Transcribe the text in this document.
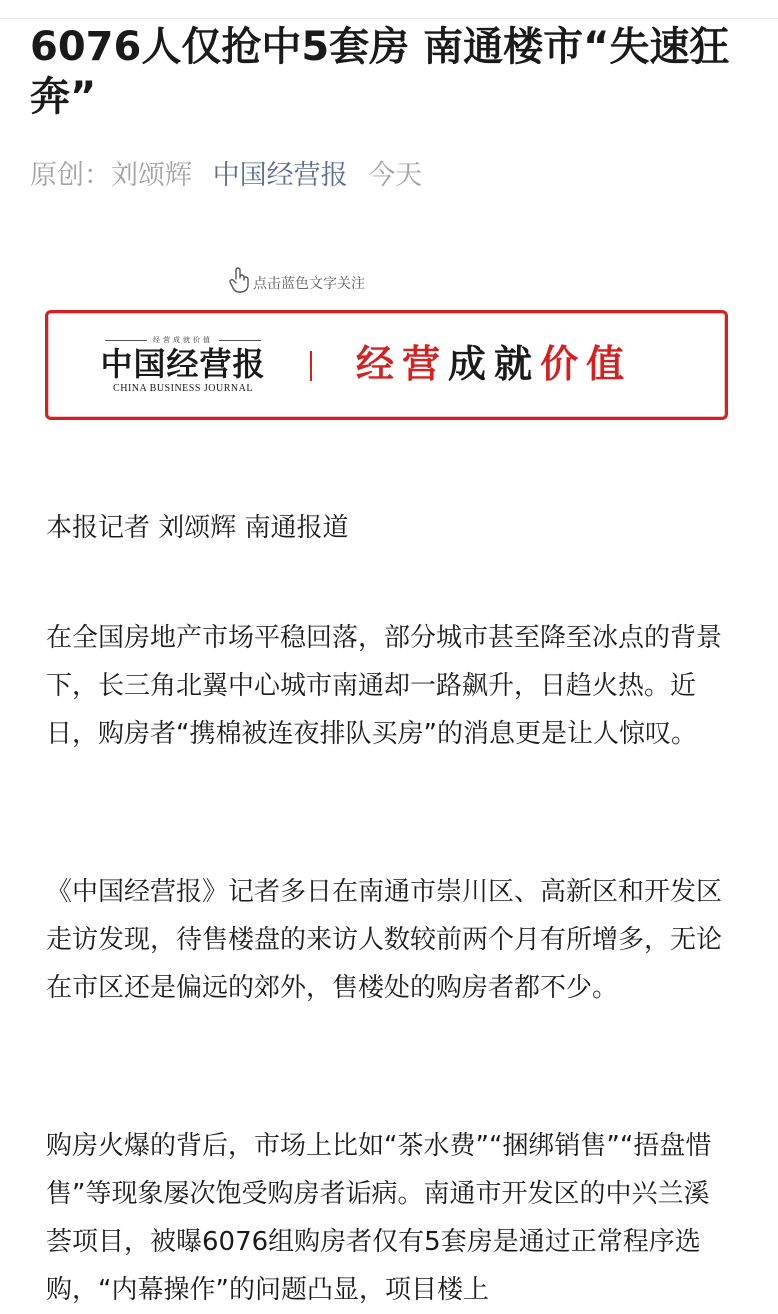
6076人仅抢中5套房 南通楼市“失速狂奔”
原创：刘颂辉 中国经营报 今天
点击蓝色文字关注
经营成就价值
中国经营报
CHINA BUSINESS JOURNAL
经营成就价值

本报记者 刘颂辉 南通报道

在全国房地产市场平稳回落，部分城市甚至降至冰点的背景下，长三角北翼中心城市南通却一路飙升，日趋火热。近日，购房者“携棉被连夜排队买房”的消息更是让人惊叹。

《中国经营报》记者多日在南通市崇川区、高新区和开发区走访发现，待售楼盘的来访人数较前两个月有所增多，无论在市区还是偏远的郊外，售楼处的购房者都不少。

购房火爆的背后，市场上比如“茶水费”“捆绑销售”“捂盘惜售”等现象屡次饱受购房者诟病。南通市开发区的中兴兰溪荟项目，被曝6076组购房者仅有5套房是通过正常程序选购，“内幕操作”的问题凸显，项目楼上
